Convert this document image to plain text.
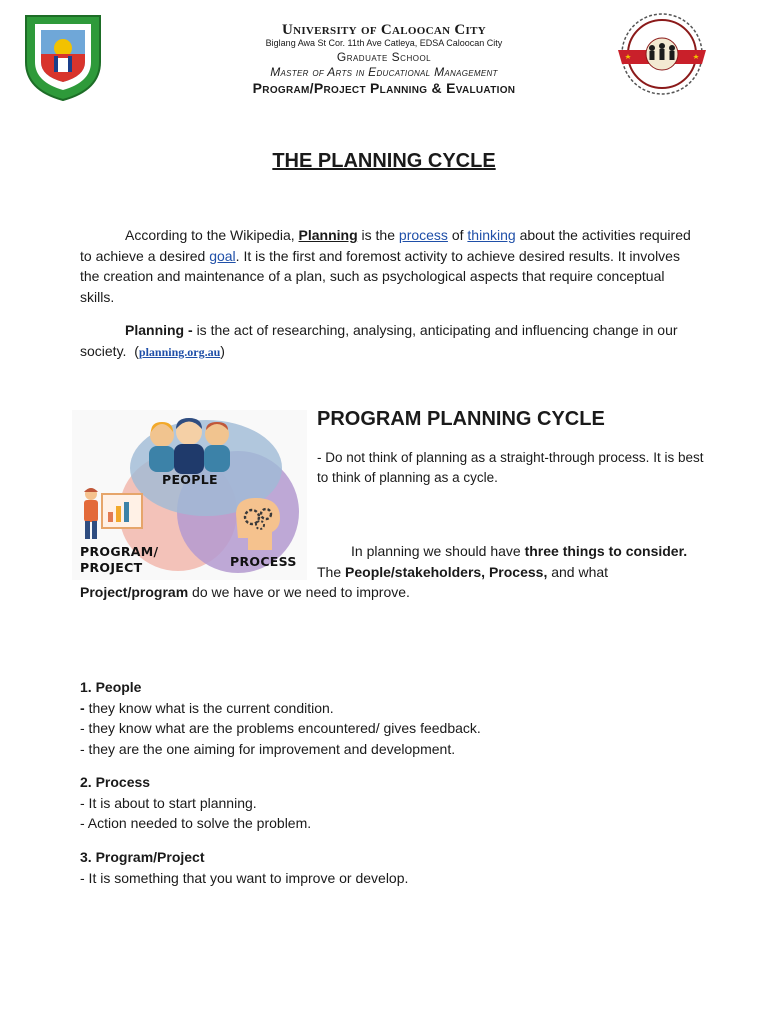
University of Caloocan City
Biglang Awa St Cor. 11th Ave Catleya, EDSA Caloocan City
Graduate School
Master of Arts in Educational Management
Program/Project Planning & Evaluation
THE PLANNING CYCLE
According to the Wikipedia, Planning is the process of thinking about the activities required to achieve a desired goal. It is the first and foremost activity to achieve desired results. It involves the creation and maintenance of a plan, such as psychological aspects that require conceptual skills.
Planning - is the act of researching, analysing, anticipating and influencing change in our society.  (planning.org.au)
PEOPLE
PROGRAM/
PROJECT	PROCESS
PROGRAM PLANNING CYCLE
- Do not think of planning as a straight-through process. It is best to think of planning as a cycle.
In planning we should have three things to consider. The People/stakeholders, Process, and what
Project/program do we have or we need to improve.
1. People
- they know what is the current condition.
- they know what are the problems encountered/ gives feedback.
- they are the one aiming for improvement and development.
2. Process
- It is about to start planning.
- Action needed to solve the problem.
3. Program/Project
- It is something that you want to improve or develop.
